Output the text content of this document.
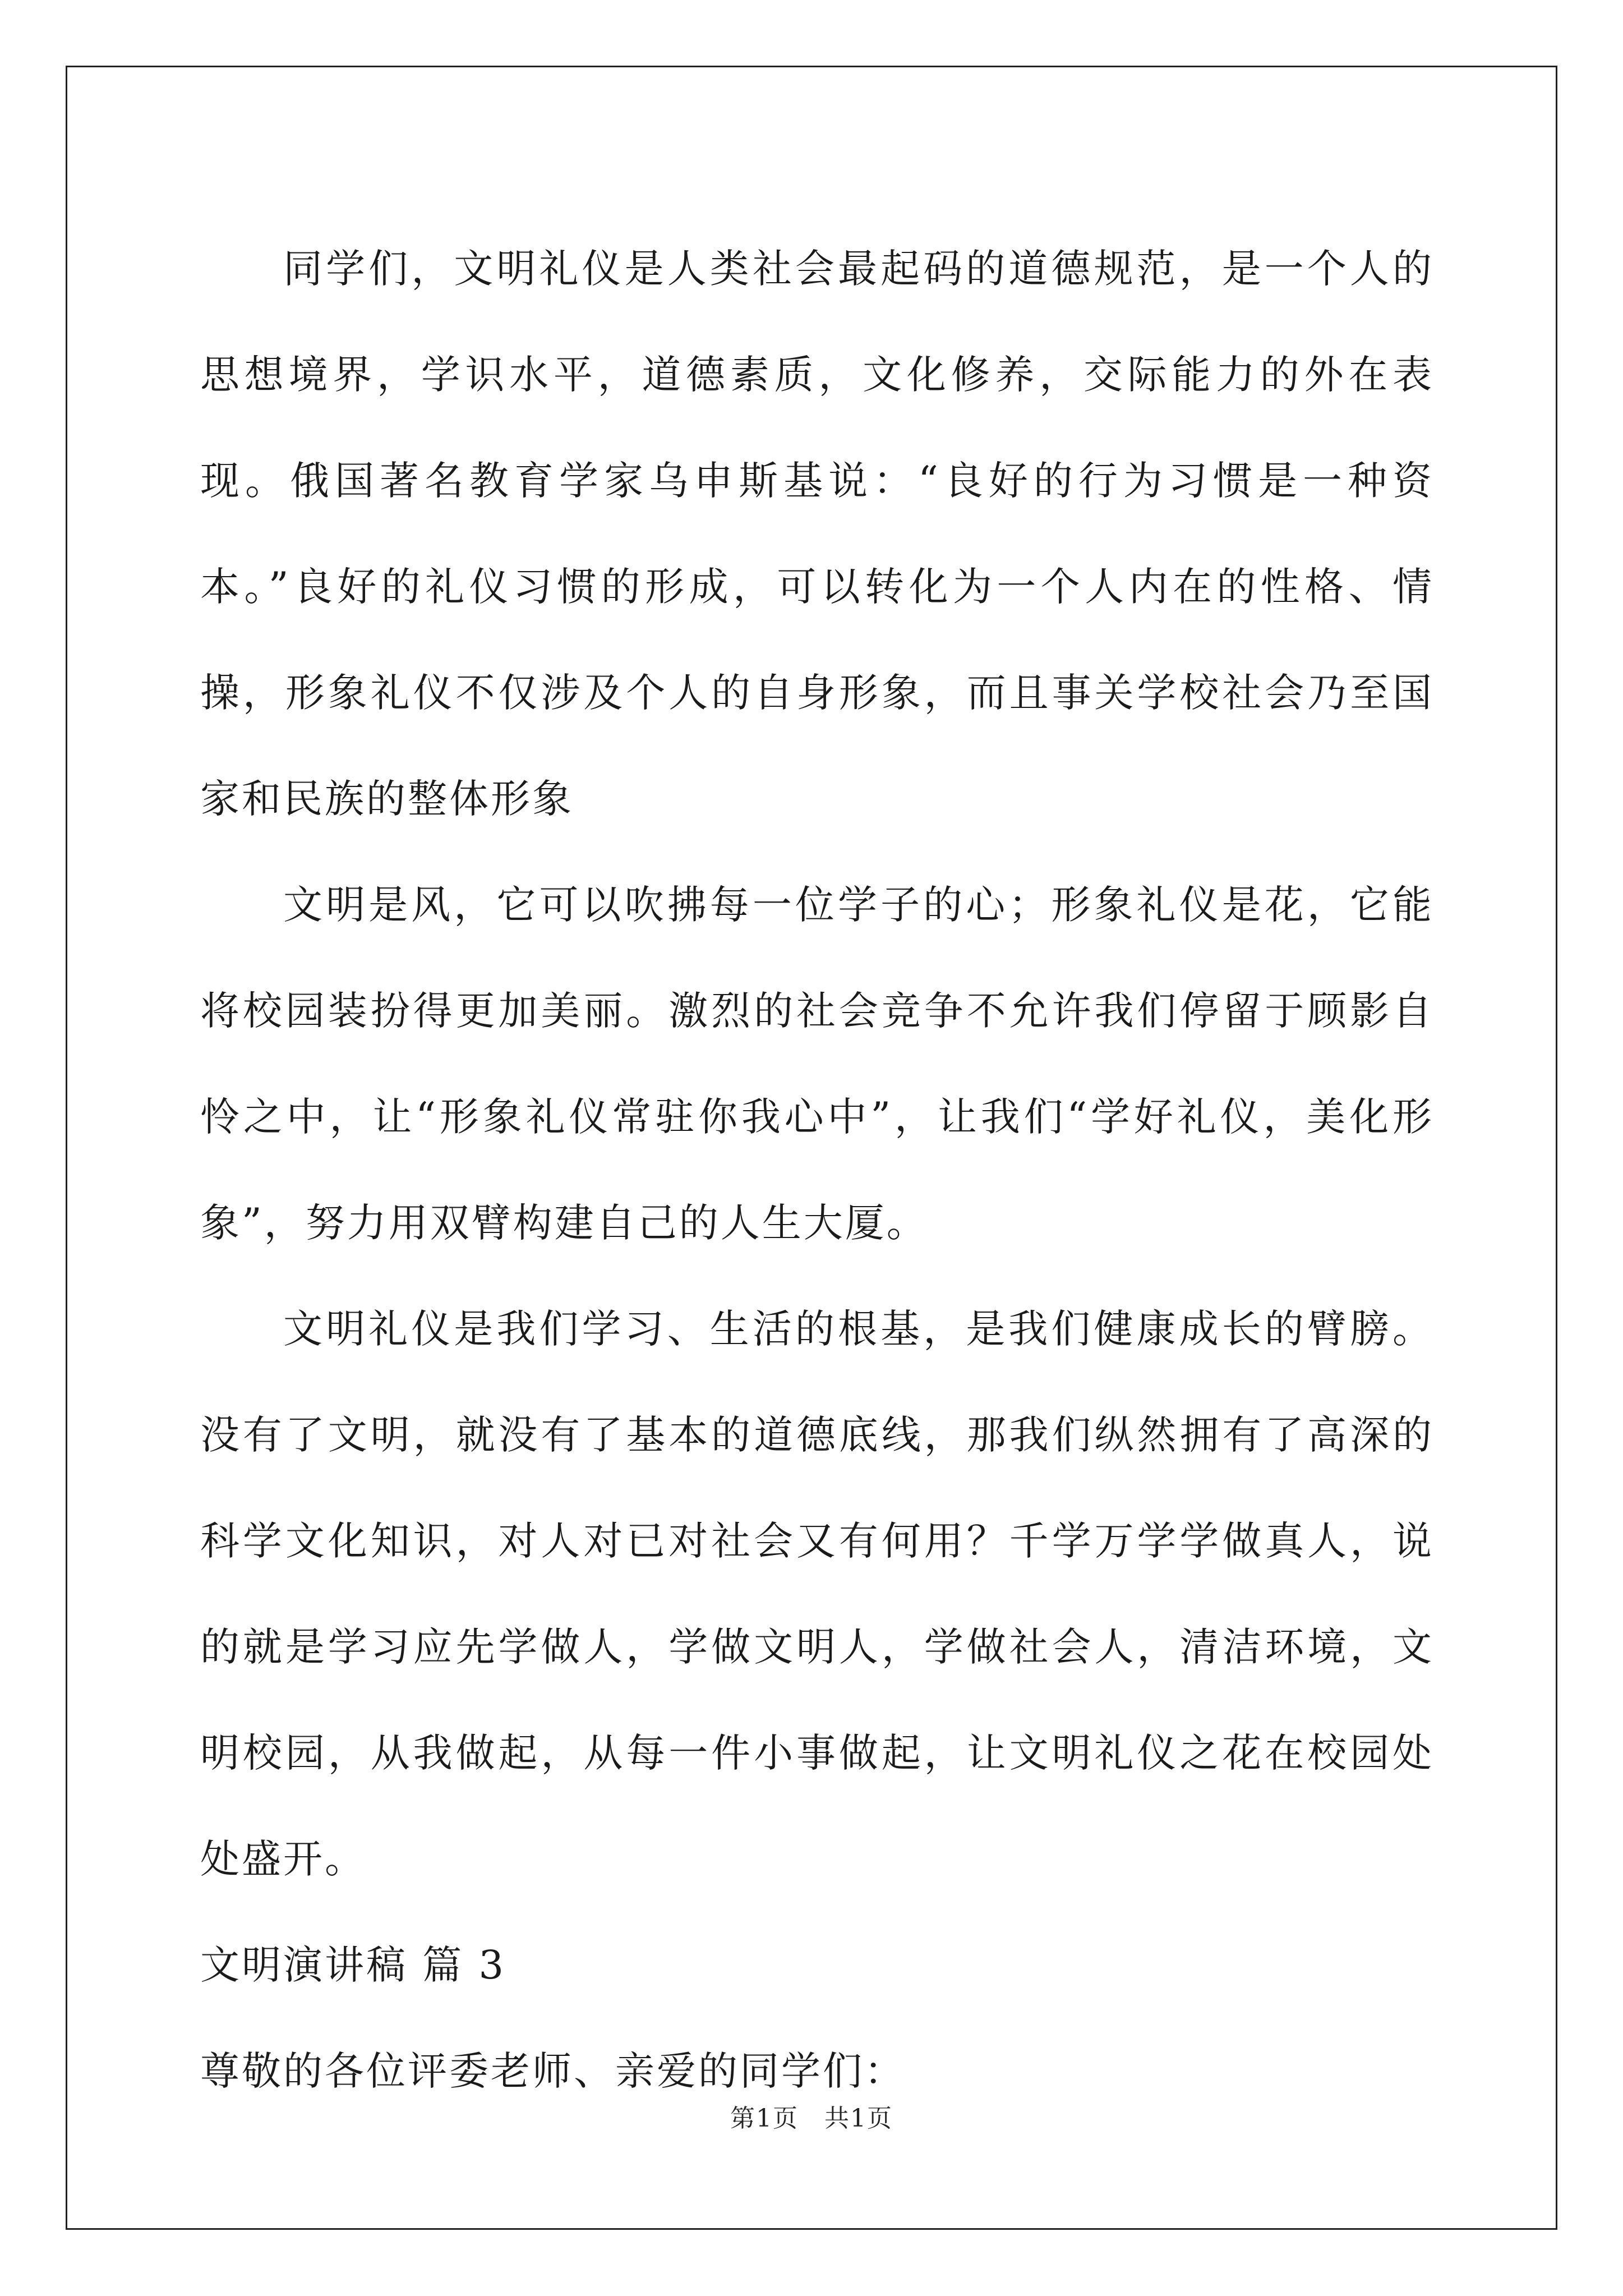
同学们，文明礼仪是人类社会最起码的道德规范，是一个人的思想境界，学识水平，道德素质，文化修养，交际能力的外在表现。俄国著名教育学家乌申斯基说：“良好的行为习惯是一种资本。”良好的礼仪习惯的形成，可以转化为一个人内在的性格、情操，形象礼仪不仅涉及个人的自身形象，而且事关学校社会乃至国家和民族的整体形象

文明是风，它可以吹拂每一位学子的心；形象礼仪是花，它能将校园装扮得更加美丽。激烈的社会竞争不允许我们停留于顾影自怜之中，让“形象礼仪常驻你我心中”，让我们“学好礼仪，美化形象”，努力用双臂构建自己的人生大厦。

文明礼仪是我们学习、生活的根基，是我们健康成长的臂膀。没有了文明，就没有了基本的道德底线，那我们纵然拥有了高深的科学文化知识，对人对已对社会又有何用？千学万学学做真人，说的就是学习应先学做人，学做文明人，学做社会人，清洁环境，文明校园，从我做起，从每一件小事做起，让文明礼仪之花在校园处处盛开。

文明演讲稿 篇 3

尊敬的各位评委老师、亲爱的同学们：

第1页　共1页
